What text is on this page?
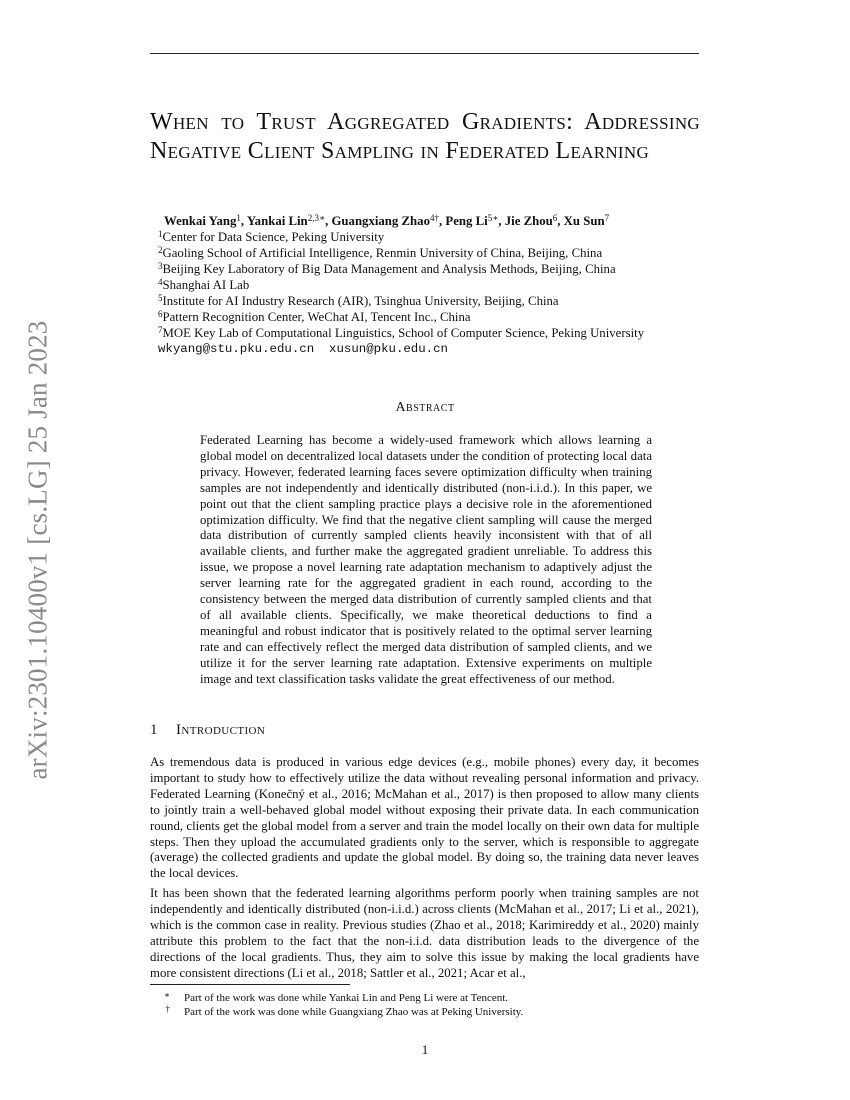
arXiv:2301.10400v1 [cs.LG] 25 Jan 2023
When to Trust Aggregated Gradients: Addressing Negative Client Sampling in Federated Learning

Wenkai Yang$^1$, Yankai Lin$^{2,3∗}$, Guangxiang Zhao$^{4\dagger}$, Peng $Li^{5∗}$, Jie Zhou$^6$, Xu Sun$^7$

$^1$Center for Data Science, Peking University

$^2$Gaoling School of Artificial Intelligence, Renmin University of China, Beijing, China

$^3$Beijing Key Laboratory of Big Data Management and Analysis Methods, Beijing, China

$^4$Shanghai AI Lab

$^5$Institute for AI Industry Research (AIR), Tsinghua University, Beijing, China

$^6$Pattern Recognition Center, WeChat AI, Tencent Inc., China

$^7$MOE Key Lab of Computational Linguistics, School of Computer Science, Peking University

wkyang@stu.pku.edu.cn  xusun@pku.edu.cn

Abstract

Federated Learning has become a widely-used framework which allows learning a global model on decentralized local datasets under the condition of protecting local data privacy. However, federated learning faces severe optimization difficulty when training samples are not independently and identically distributed (non-i.i.d.). In this paper, we point out that the client sampling practice plays a decisive role in the aforementioned optimization difficulty. We find that the negative client sampling will cause the merged data distribution of currently sampled clients heavily inconsistent with that of all available clients, and further make the aggregated gradient unreliable. To address this issue, we propose a novel learning rate adaptation mechanism to adaptively adjust the server learning rate for the aggregated gradient in each round, according to the consistency between the merged data distribution of currently sampled clients and that of all available clients. Specifically, we make theoretical deductions to find a meaningful and robust indicator that is positively related to the optimal server learning rate and can effectively reflect the merged data distribution of sampled clients, and we utilize it for the server learning rate adaptation. Extensive experiments on multiple image and text classification tasks validate the great effectiveness of our method.

1 Introduction

As tremendous data is produced in various edge devices (e.g., mobile phones) every day, it becomes important to study how to effectively utilize the data without revealing personal information and privacy. Federated Learning (Konečný et al., 2016; McMahan et al., 2017) is then proposed to allow many clients to jointly train a well-behaved global model without exposing their private data. In each communication round, clients get the global model from a server and train the model locally on their own data for multiple steps. Then they upload the accumulated gradients only to the server, which is responsible to aggregate (average) the collected gradients and update the global model. By doing so, the training data never leaves the local devices.

It has been shown that the federated learning algorithms perform poorly when training samples are not independently and identically distributed (non-i.i.d.) across clients (McMahan et al., 2017; Li et al., 2021), which is the common case in reality. Previous studies (Zhao et al., 2018; Karimireddy et al., 2020) mainly attribute this problem to the fact that the non-i.i.d. data distribution leads to the divergence of the directions of the local gradients. Thus, they aim to solve this issue by making the local gradients have more consistent directions (Li et al., 2018; Sattler et al., 2021; Acar et al.,

∗ Part of the work was done while Yankai Lin and Peng Li were at Tencent.

† Part of the work was done while Guangxiang Zhao was at Peking University.

1
